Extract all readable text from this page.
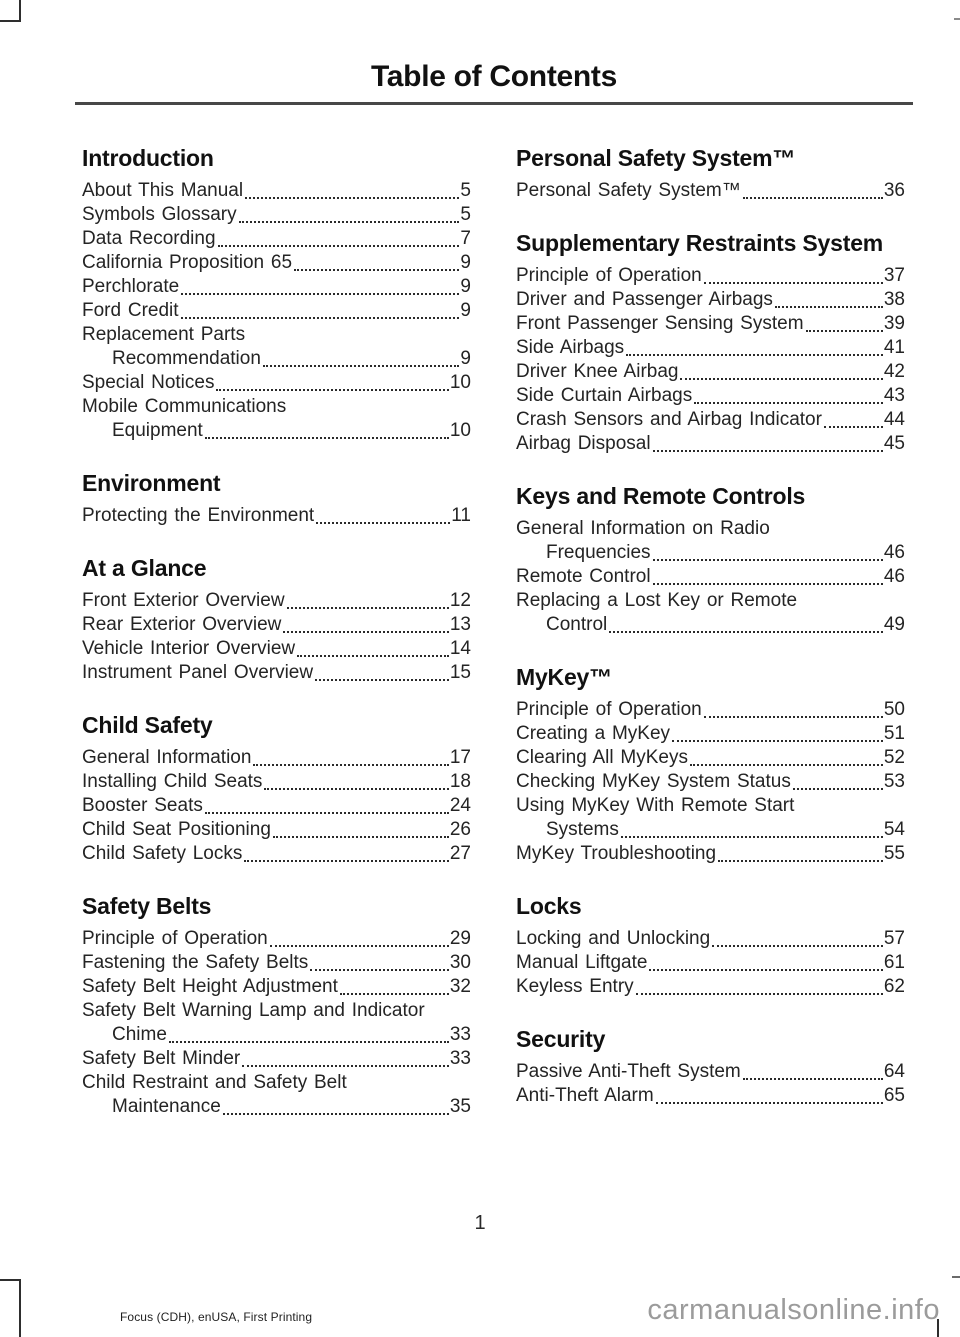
Table of Contents
Introduction
About This Manual	5
Symbols Glossary	5
Data Recording	7
California Proposition 65	9
Perchlorate	9
Ford Credit	9
Replacement Parts
Recommendation	9
Special Notices	10
Mobile Communications
Equipment	10
Environment
Protecting the Environment	11
At a Glance
Front Exterior Overview	12
Rear Exterior Overview	13
Vehicle Interior Overview	14
Instrument Panel Overview	15
Child Safety
General Information	17
Installing Child Seats	18
Booster Seats	24
Child Seat Positioning	26
Child Safety Locks	27
Safety Belts
Principle of Operation	29
Fastening the Safety Belts	30
Safety Belt Height Adjustment	32
Safety Belt Warning Lamp and Indicator
Chime	33
Safety Belt Minder	33
Child Restraint and Safety Belt
Maintenance	35
Personal Safety System™
Personal Safety System™	36
Supplementary Restraints System
Principle of Operation	37
Driver and Passenger Airbags	38
Front Passenger Sensing System	39
Side Airbags	41
Driver Knee Airbag	42
Side Curtain Airbags	43
Crash Sensors and Airbag Indicator	44
Airbag Disposal	45
Keys and Remote Controls
General Information on Radio
Frequencies	46
Remote Control	46
Replacing a Lost Key or Remote
Control	49
MyKey™
Principle of Operation	50
Creating a MyKey	51
Clearing All MyKeys	52
Checking MyKey System Status	53
Using MyKey With Remote Start
Systems	54
MyKey Troubleshooting	55
Locks
Locking and Unlocking	57
Manual Liftgate	61
Keyless Entry	62
Security
Passive Anti-Theft System	64
Anti-Theft Alarm	65
1
Focus (CDH), enUSA, First Printing	carmanualsonline.info
